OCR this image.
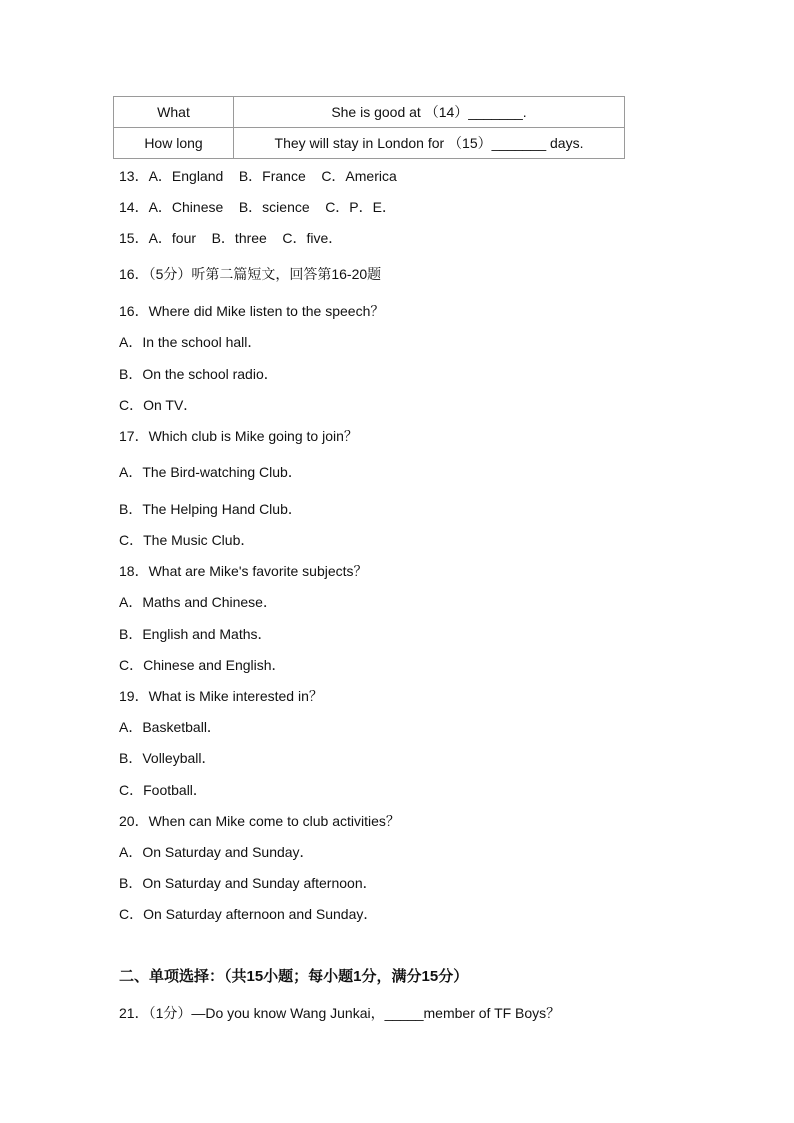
What	She is good at （14）_______.
How long	They will stay in London for （15）_______ days.
13．A．England    B．France    C．America
14．A．Chinese    B．science    C．P．E．
15．A．four    B．three    C．five．
16．（5分）听第二篇短文，回答第16-20题
16．Where did Mike listen to the speech？
A．In the school hall．
B．On the school radio．
C．On TV．
17．Which club is Mike going to join？
A．The Bird-watching Club．
B．The Helping Hand Club．
C．The Music Club．
18．What are Mike's favorite subjects？
A．Maths and Chinese．
B．English and Maths．
C．Chinese and English．
19．What is Mike interested in？
A．Basketball．
B．Volleyball．
C．Football．
20．When can Mike come to club activities？
A．On Saturday and Sunday．
B．On Saturday and Sunday afternoon．
C．On Saturday afternoon and Sunday．
二、单项选择：（共15小题；每小题1分，满分15分）
21．（1分）—Do you know Wang Junkai，_____member of TF Boys？
